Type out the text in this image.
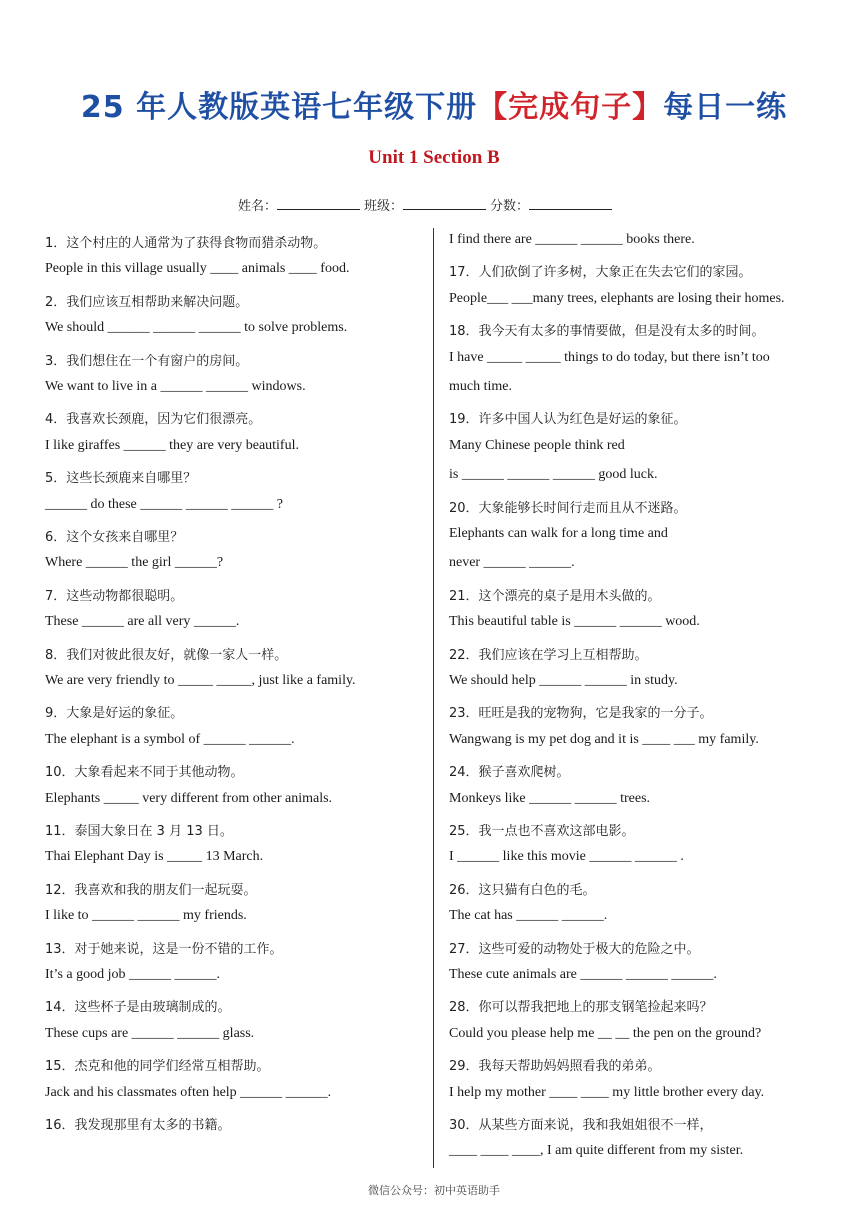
25 年人教版英语七年级下册【完成句子】每日一练
Unit 1 Section B
姓名：	班级：	分数：
1．这个村庄的人通常为了获得食物而猎杀动物。
People in this village usually ____ animals ____ food.
2．我们应该互相帮助来解决问题。
We should ______ ______ ______ to solve problems.
3．我们想住在一个有窗户的房间。
We want to live in a ______ ______ windows.
4．我喜欢长颈鹿，因为它们很漂亮。
I like giraffes ______ they are very beautiful.
5．这些长颈鹿来自哪里？
______ do these ______ ______ ______ ?
6．这个女孩来自哪里？
Where ______ the girl ______?
7．这些动物都很聪明。
These ______ are all very ______.
8．我们对彼此很友好，就像一家人一样。
We are very friendly to _____ _____, just like a family.
9．大象是好运的象征。
The elephant is a symbol of ______ ______.
10．大象看起来不同于其他动物。
Elephants _____ very different from other animals.
11．泰国大象日在 3 月 13 日。
Thai Elephant Day is _____ 13 March.
12．我喜欢和我的朋友们一起玩耍。
I like to ______ ______ my friends.
13．对于她来说，这是一份不错的工作。
It’s a good job ______ ______.
14．这些杯子是由玻璃制成的。
These cups are ______ ______ glass.
15．杰克和他的同学们经常互相帮助。
Jack and his classmates often help ______ ______.
16．我发现那里有太多的书籍。
I find there are ______ ______ books there.
17．人们砍倒了许多树，大象正在失去它们的家园。
People___ ___many trees, elephants are losing their homes.
18．我今天有太多的事情要做，但是没有太多的时间。
I have _____ _____ things to do today, but there isn’t too
much time.
19．许多中国人认为红色是好运的象征。
Many Chinese people think red
is ______ ______ ______ good luck.
20．大象能够长时间行走而且从不迷路。
Elephants can walk for a long time and
never ______ ______.
21．这个漂亮的桌子是用木头做的。
This beautiful table is ______ ______ wood.
22．我们应该在学习上互相帮助。
We should help ______ ______ in study.
23．旺旺是我的宠物狗，它是我家的一分子。
Wangwang is my pet dog and it is ____ ___ my family.
24．猴子喜欢爬树。
Monkeys like ______ ______ trees.
25．我一点也不喜欢这部电影。
I ______ like this movie ______ ______ .
26．这只猫有白色的毛。
The cat has ______ ______.
27．这些可爱的动物处于极大的危险之中。
These cute animals are ______ ______ ______.
28．你可以帮我把地上的那支钢笔捡起来吗？
Could you please help me __ __ the pen on the ground?
29．我每天帮助妈妈照看我的弟弟。
I help my mother ____ ____ my little brother every day.
30．从某些方面来说，我和我姐姐很不一样，
____ ____ ____, I am quite different from my sister.
微信公众号：初中英语助手
